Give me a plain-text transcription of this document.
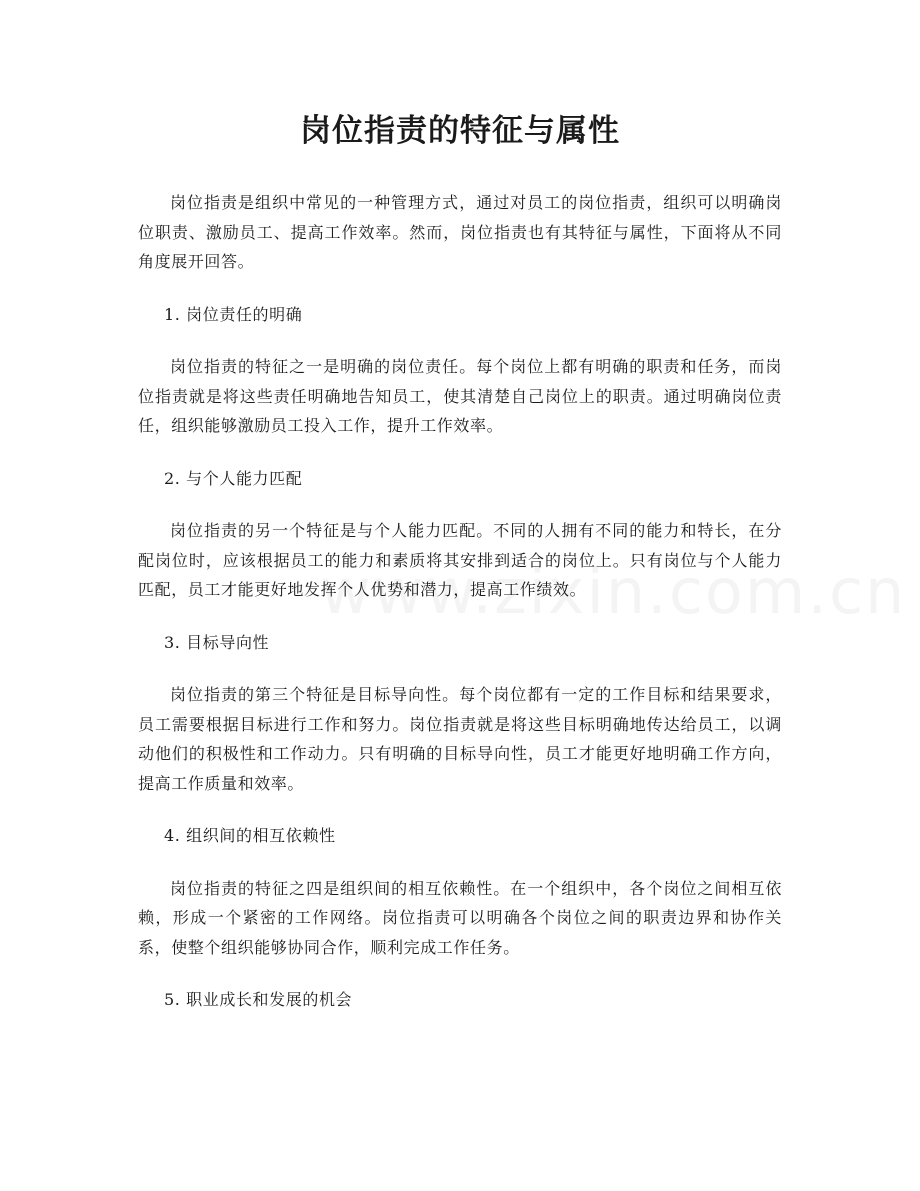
岗位指责的特征与属性

岗位指责是组织中常见的一种管理方式，通过对员工的岗位指责，组织可以明确岗位职责、激励员工、提高工作效率。然而，岗位指责也有其特征与属性，下面将从不同角度展开回答。

1. 岗位责任的明确

岗位指责的特征之一是明确的岗位责任。每个岗位上都有明确的职责和任务，而岗位指责就是将这些责任明确地告知员工，使其清楚自己岗位上的职责。通过明确岗位责任，组织能够激励员工投入工作，提升工作效率。

2. 与个人能力匹配

岗位指责的另一个特征是与个人能力匹配。不同的人拥有不同的能力和特长，在分配岗位时，应该根据员工的能力和素质将其安排到适合的岗位上。只有岗位与个人能力匹配，员工才能更好地发挥个人优势和潜力，提高工作绩效。

3. 目标导向性

岗位指责的第三个特征是目标导向性。每个岗位都有一定的工作目标和结果要求，员工需要根据目标进行工作和努力。岗位指责就是将这些目标明确地传达给员工，以调动他们的积极性和工作动力。只有明确的目标导向性，员工才能更好地明确工作方向，提高工作质量和效率。

4. 组织间的相互依赖性

岗位指责的特征之四是组织间的相互依赖性。在一个组织中，各个岗位之间相互依赖，形成一个紧密的工作网络。岗位指责可以明确各个岗位之间的职责边界和协作关系，使整个组织能够协同合作，顺利完成工作任务。

5. 职业成长和发展的机会
